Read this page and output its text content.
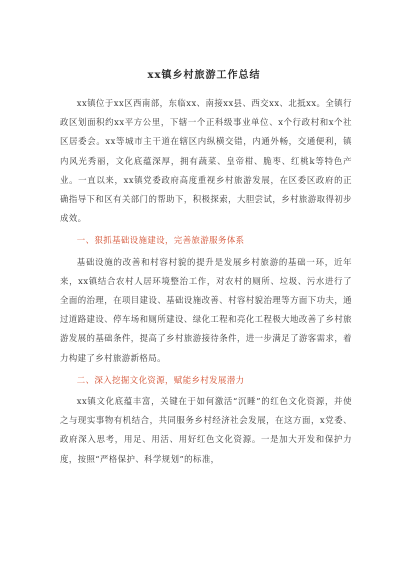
xx镇乡村旅游工作总结

xx镇位于xx区西南部，东临xx、南接xx县、西交xx、北抵xx。全镇行政区划面积约xx平方公里，下辖一个正科级事业单位、x个行政村和x个社区居委会。xx等城市主干道在辖区内纵横交错，内通外畅，交通便利，镇内风光秀丽，文化底蕴深厚，拥有蔬菜、皇帝柑、脆枣、红桃k等特色产业。一直以来，xx镇党委政府高度重视乡村旅游发展，在区委区政府的正确指导下和区有关部门的帮助下，积极探索，大胆尝试，乡村旅游取得初步成效。

一、狠抓基础设施建设，完善旅游服务体系

基础设施的改善和村容村貌的提升是发展乡村旅游的基础一环，近年来，xx镇结合农村人居环境整治工作，对农村的厕所、垃圾、污水进行了全面的治理，在项目建设、基础设施改善、村容村貌治理等方面下功夫，通过道路建设、停车场和厕所建设、绿化工程和亮化工程极大地改善了乡村旅游发展的基础条件，提高了乡村旅游接待条件，进一步满足了游客需求，着力构建了乡村旅游新格局。

二、深入挖掘文化资源，赋能乡村发展潜力

xx镇文化底蕴丰富，关键在于如何激活“沉睡”的红色文化资源，并使之与现实事物有机结合，共同服务乡村经济社会发展，在这方面，x党委、政府深入思考，用足、用活、用好红色文化资源。一是加大开发和保护力度，按照“严格保护、科学规划”的标准，
